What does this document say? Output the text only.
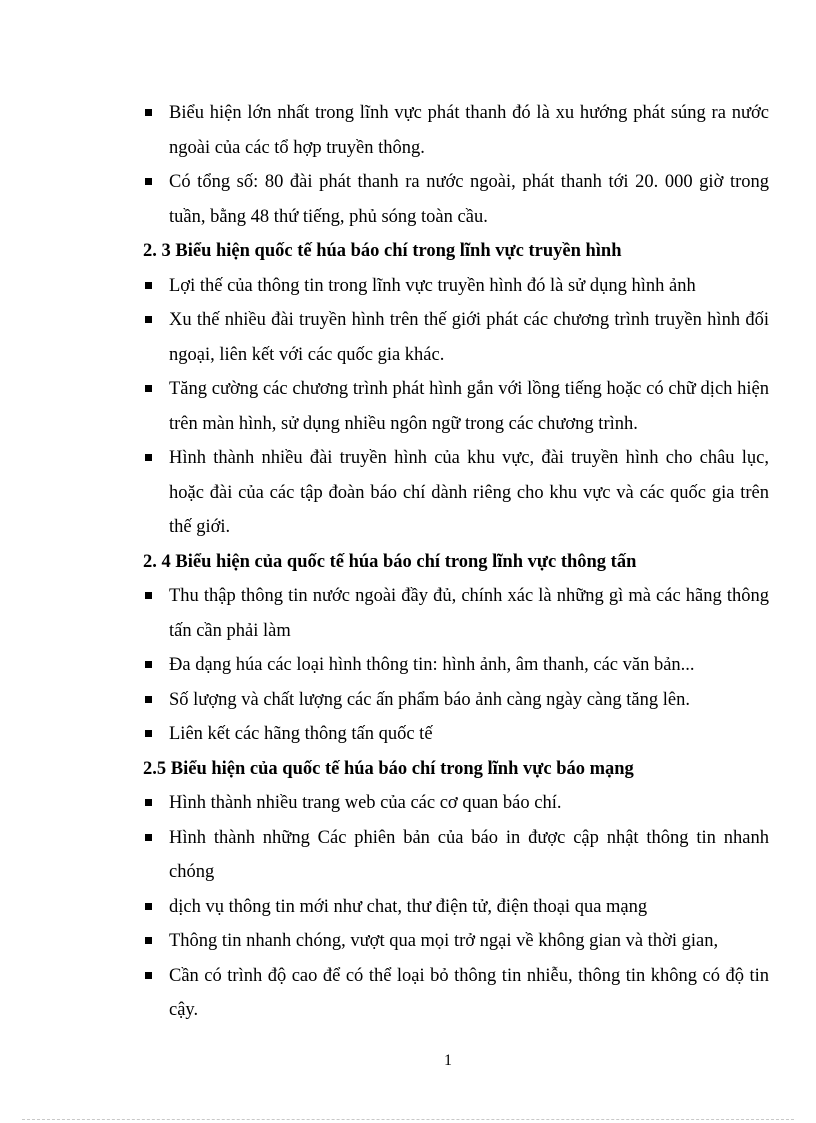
Biểu hiện lớn nhất trong lĩnh vực phát thanh đó là xu hướng phát súng ra nước ngoài của các tổ hợp truyền thông.
Có tổng số: 80 đài phát thanh ra nước ngoài, phát thanh tới 20. 000 giờ trong tuần, bằng 48 thứ tiếng, phủ sóng toàn cầu.
2. 3 Biểu hiện quốc tế húa báo chí trong lĩnh vực truyền hình
Lợi thế của thông tin trong lĩnh vực truyền hình đó là sử dụng hình ảnh
Xu thế nhiều đài truyền hình trên thế giới phát các chương trình truyền hình đối ngoại, liên kết với các quốc gia khác.
Tăng cường các chương trình phát hình gắn với lồng tiếng hoặc có chữ dịch hiện trên màn hình, sử dụng nhiều ngôn ngữ trong các chương trình.
Hình thành nhiều đài truyền hình của khu vực, đài truyền hình cho châu lục, hoặc đài của các tập đoàn báo chí dành riêng cho khu vực và các quốc gia trên thế giới.
2. 4 Biểu hiện của quốc tế húa báo chí trong lĩnh vực thông tấn
Thu thập thông tin nước ngoài đầy đủ, chính xác là những gì mà các hãng thông tấn cần phải làm
Đa dạng húa các loại hình thông tin: hình ảnh, âm thanh, các văn bản...
Số lượng và chất lượng các ấn phẩm báo ảnh càng ngày càng tăng lên.
Liên kết các hãng thông tấn quốc tế
2.5 Biểu hiện của quốc tế húa báo chí trong lĩnh vực báo mạng
Hình thành nhiều trang web của các cơ quan báo chí.
Hình thành những Các phiên bản của báo in được cập nhật thông tin nhanh chóng
dịch vụ thông tin mới như chat, thư điện tử, điện thoại qua mạng
Thông tin nhanh chóng, vượt qua mọi trở ngại về không gian và thời gian,
Cần có trình độ cao để có thể loại bỏ thông tin nhiễu, thông tin không có độ tin cậy.
1
